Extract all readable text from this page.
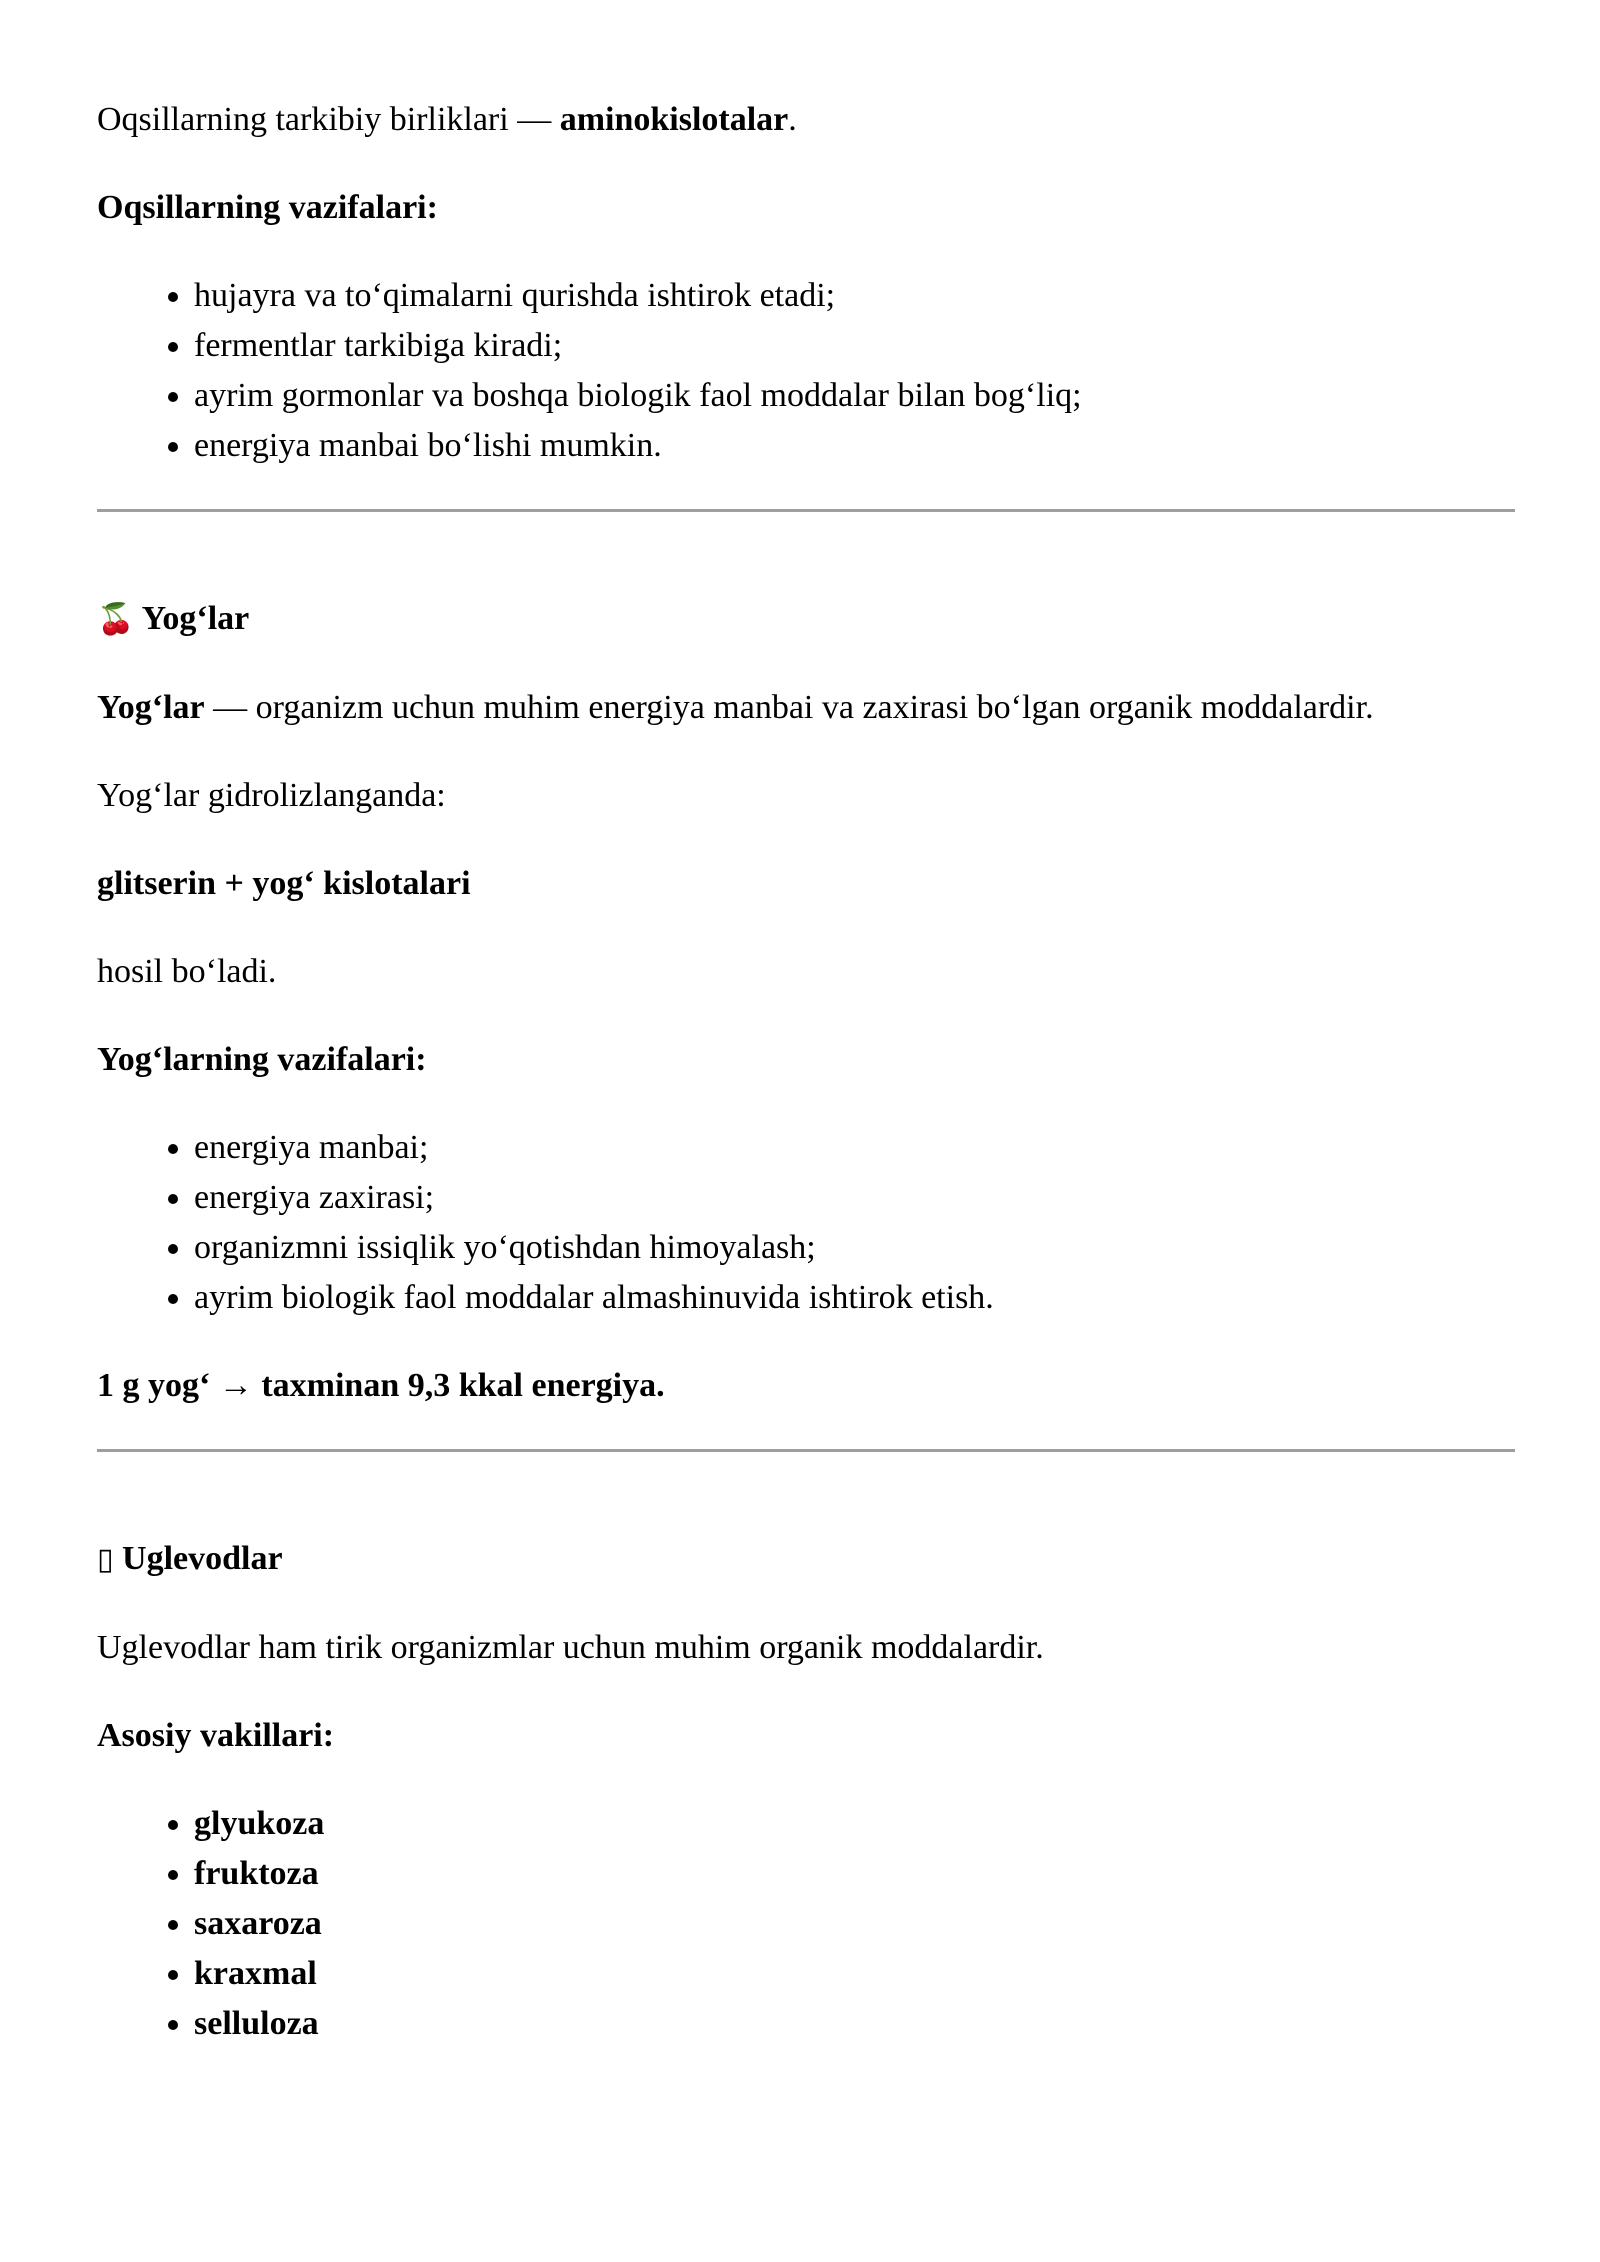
Oqsillarning tarkibiy birliklari — aminokislotalar.

Oqsillarning vazifalari:

• hujayra va to‘qimalarni qurishda ishtirok etadi;
• fermentlar tarkibiga kiradi;
• ayrim gormonlar va boshqa biologik faol moddalar bilan bog‘liq;
• energiya manbai bo‘lishi mumkin.

🍒 Yog‘lar

Yog‘lar — organizm uchun muhim energiya manbai va zaxirasi bo‘lgan organik moddalardir.

Yog‘lar gidrolizlanganda:

glitserin + yog‘ kislotalari

hosil bo‘ladi.

Yog‘larning vazifalari:

• energiya manbai;
• energiya zaxirasi;
• organizmni issiqlik yo‘qotishdan himoyalash;
• ayrim biologik faol moddalar almashinuvida ishtirok etish.

1 g yog‘ → taxminan 9,3 kkal energiya.

▯ Uglevodlar

Uglevodlar ham tirik organizmlar uchun muhim organik moddalardir.

Asosiy vakillari:

• glyukoza
• fruktoza
• saxaroza
• kraxmal
• selluloza
